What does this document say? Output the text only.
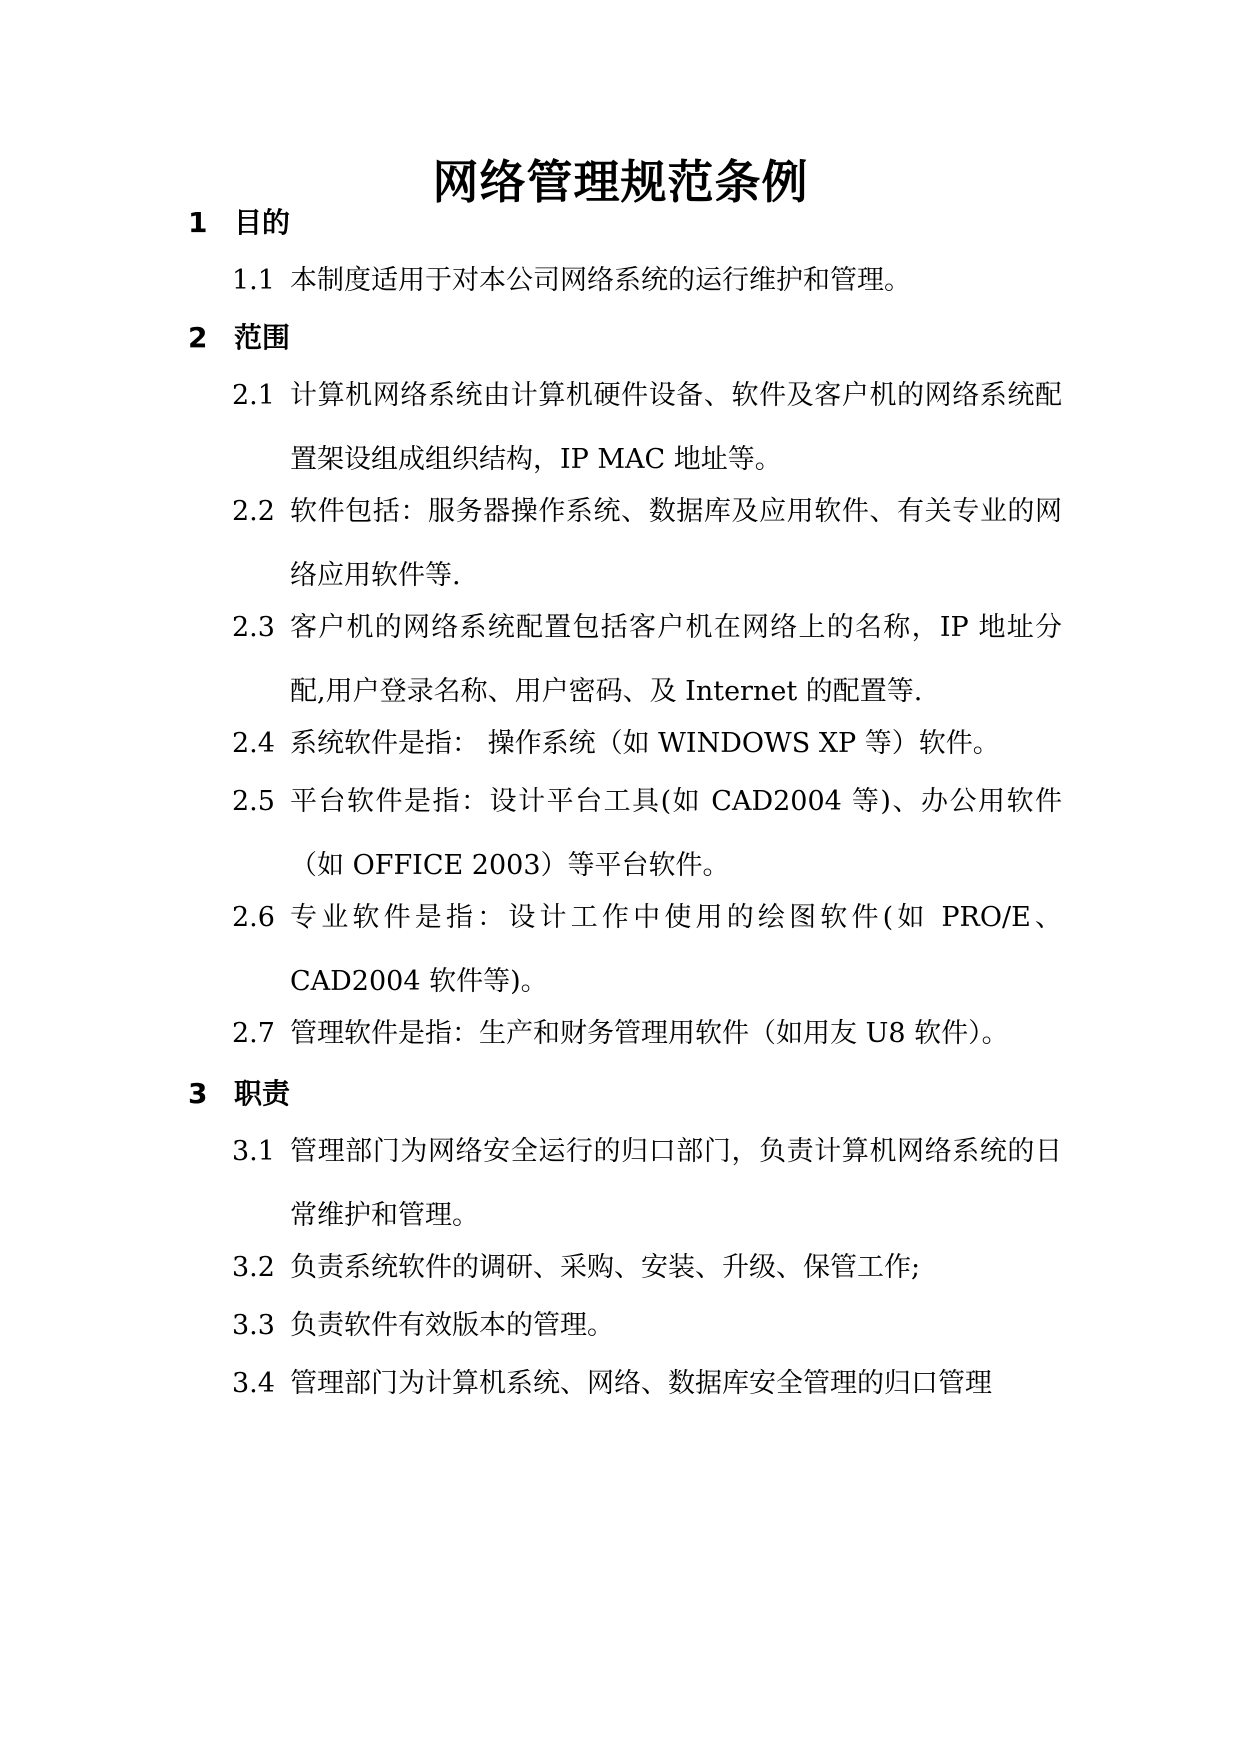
网络管理规范条例
1 目的
1.1 本制度适用于对本公司网络系统的运行维护和管理。
2 范围
2.1 计算机网络系统由计算机硬件设备、软件及客户机的网络系统配置架设组成组织结构，IP MAC 地址等。
2.2 软件包括：服务器操作系统、数据库及应用软件、有关专业的网络应用软件等.
2.3 客户机的网络系统配置包括客户机在网络上的名称，IP 地址分配,用户登录名称、用户密码、及 Internet 的配置等.
2.4 系统软件是指： 操作系统（如 WINDOWS XP 等）软件。
2.5 平台软件是指：设计平台工具(如 CAD2004 等)、办公用软件（如 OFFICE 2003）等平台软件。
2.6 专业软件是指：设计工作中使用的绘图软件(如 PRO/E、CAD2004 软件等)。
2.7 管理软件是指：生产和财务管理用软件（如用友 U8 软件）。
3 职责
3.1 管理部门为网络安全运行的归口部门，负责计算机网络系统的日常维护和管理。
3.2 负责系统软件的调研、采购、安装、升级、保管工作;
3.3 负责软件有效版本的管理。
3.4 管理部门为计算机系统、网络、数据库安全管理的归口管理
